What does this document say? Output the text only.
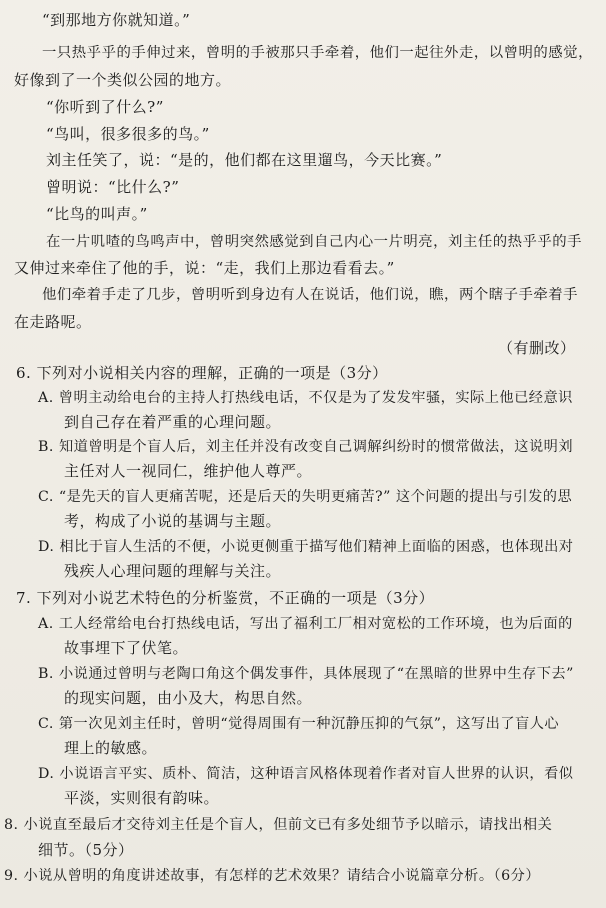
“到那地方你就知道。”
一只热乎乎的手伸过来，曾明的手被那只手牵着，他们一起往外走，以曾明的感觉，
好像到了一个类似公园的地方。
“你听到了什么?”
“鸟叫，很多很多的鸟。”
刘主任笑了，说：“是的，他们都在这里遛鸟，今天比赛。”
曾明说：“比什么?”
“比鸟的叫声。”
在一片叽喳的鸟鸣声中，曾明突然感觉到自己内心一片明亮，刘主任的热乎乎的手
又伸过来牵住了他的手，说：“走，我们上那边看看去。”
他们牵着手走了几步，曾明听到身边有人在说话，他们说，瞧，两个瞎子手牵着手
在走路呢。
（有删改）
6. 下列对小说相关内容的理解，正确的一项是（3分）
A. 曾明主动给电台的主持人打热线电话，不仅是为了发发牢骚，实际上他已经意识
到自己存在着严重的心理问题。
B. 知道曾明是个盲人后，刘主任并没有改变自己调解纠纷时的惯常做法，这说明刘
主任对人一视同仁，维护他人尊严。
C. “是先天的盲人更痛苦呢，还是后天的失明更痛苦?” 这个问题的提出与引发的思
考，构成了小说的基调与主题。
D. 相比于盲人生活的不便，小说更侧重于描写他们精神上面临的困惑，也体现出对
残疾人心理问题的理解与关注。
7. 下列对小说艺术特色的分析鉴赏，不正确的一项是（3分）
A. 工人经常给电台打热线电话，写出了福利工厂相对宽松的工作环境，也为后面的
故事埋下了伏笔。
B. 小说通过曾明与老陶口角这个偶发事件，具体展现了“在黑暗的世界中生存下去”
的现实问题，由小及大，构思自然。
C. 第一次见刘主任时，曾明“觉得周围有一种沉静压抑的气氛”，这写出了盲人心
理上的敏感。
D. 小说语言平实、质朴、简洁，这种语言风格体现着作者对盲人世界的认识，看似
平淡，实则很有韵味。
8. 小说直至最后才交待刘主任是个盲人，但前文已有多处细节予以暗示，请找出相关
细节。（5分）
9. 小说从曾明的角度讲述故事，有怎样的艺术效果？请结合小说篇章分析。（6分）
